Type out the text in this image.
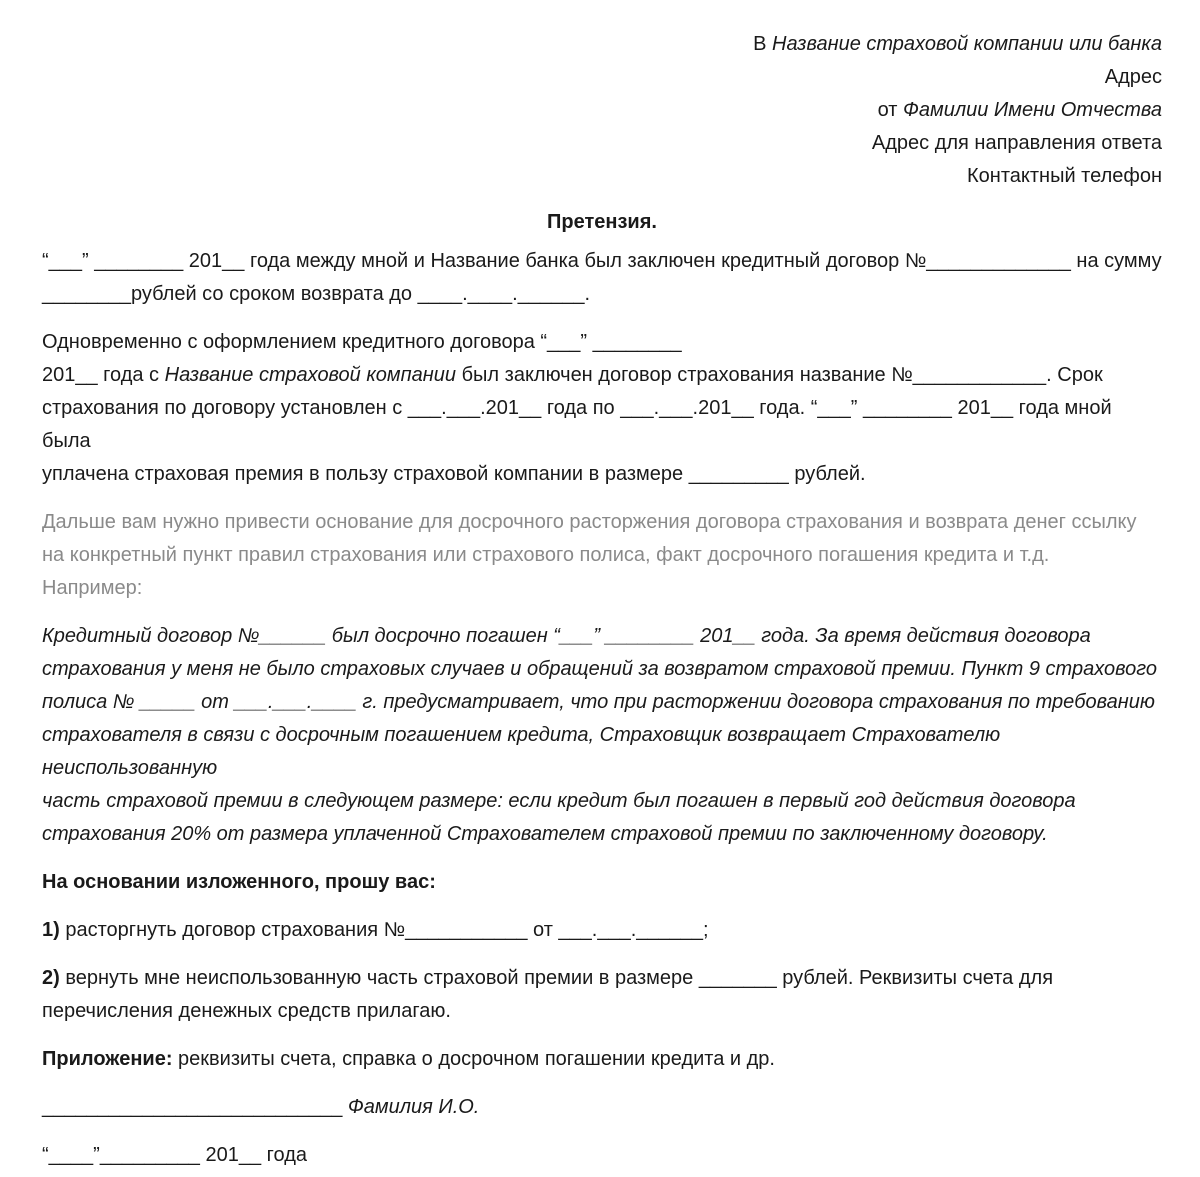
В Название страховой компании или банка
Адрес
от Фамилии Имени Отчества
Адрес для направления ответа
Контактный телефон
Претензия.

“___” ________ 201__ года между мной и Название банка был заключен кредитный договор №_____________ на сумму
________рублей со сроком возврата до ____.____.______.

Одновременно с оформлением кредитного договора “___” ________
201__ года с Название страховой компании был заключен договор страхования название №____________. Срок
страхования по договору установлен с ___.___.201__ года по ___.___.201__ года. “___” ________ 201__ года мной была
уплачена страховая премия в пользу страховой компании в размере _________ рублей.

Дальше вам нужно привести основание для досрочного расторжения договора страхования и возврата денег ссылку
на конкретный пункт правил страхования или страхового полиса, факт досрочного погашения кредита и т.д.
Например:

Кредитный договор №______ был досрочно погашен “___” ________ 201__ года. За время действия договора
страхования у меня не было страховых случаев и обращений за возвратом страховой премии. Пункт 9 страхового
полиса № _____ от ___.___.____ г. предусматривает, что при расторжении договора страхования по требованию
страхователя в связи с досрочным погашением кредита, Страховщик возвращает Страхователю неиспользованную
часть страховой премии в следующем размере: если кредит был погашен в первый год действия договора
страхования 20% от размера уплаченной Страхователем страховой премии по заключенному договору.

На основании изложенного, прошу вас:

1) расторгнуть договор страхования №___________ от ___.___.______;

2) вернуть мне неиспользованную часть страховой премии в размере _______ рублей. Реквизиты счета для
перечисления денежных средств прилагаю.

Приложение: реквизиты счета, справка о досрочном погашении кредита и др.

___________________________ Фамилия И.О.

“____”_________ 201__ года
